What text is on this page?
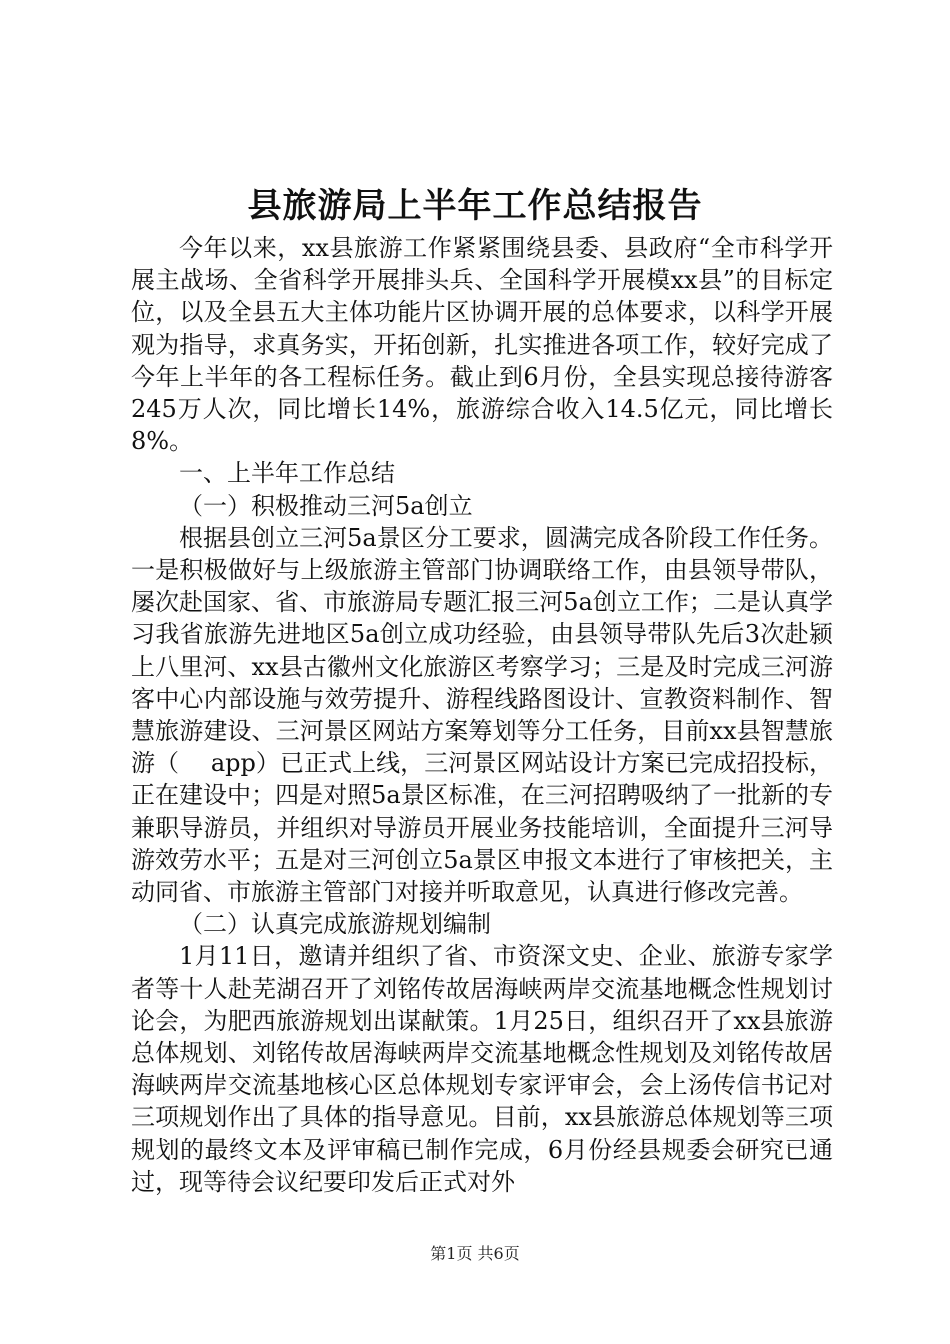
县旅游局上半年工作总结报告

今年以来，xx县旅游工作紧紧围绕县委、县政府“全市科学开展主战场、全省科学开展排头兵、全国科学开展模xx县”的目标定位，以及全县五大主体功能片区协调开展的总体要求，以科学开展观为指导，求真务实，开拓创新，扎实推进各项工作，较好完成了今年上半年的各工程标任务。截止到6月份，全县实现总接待游客245万人次，同比增长14%，旅游综合收入14.5亿元，同比增长8%。

一、上半年工作总结

（一）积极推动三河5a创立

根据县创立三河5a景区分工要求，圆满完成各阶段工作任务。一是积极做好与上级旅游主管部门协调联络工作，由县领导带队，屡次赴国家、省、市旅游局专题汇报三河5a创立工作；二是认真学习我省旅游先进地区5a创立成功经验，由县领导带队先后3次赴颍上八里河、xx县古徽州文化旅游区考察学习；三是及时完成三河游客中心内部设施与效劳提升、游程线路图设计、宣教资料制作、智慧旅游建设、三河景区网站方案筹划等分工任务，目前xx县智慧旅游（　 app）已正式上线，三河景区网站设计方案已完成招投标，正在建设中；四是对照5a景区标准，在三河招聘吸纳了一批新的专兼职导游员，并组织对导游员开展业务技能培训，全面提升三河导游效劳水平；五是对三河创立5a景区申报文本进行了审核把关，主动同省、市旅游主管部门对接并听取意见，认真进行修改完善。

（二）认真完成旅游规划编制

1月11日，邀请并组织了省、市资深文史、企业、旅游专家学者等十人赴芜湖召开了刘铭传故居海峡两岸交流基地概念性规划讨论会，为肥西旅游规划出谋献策。1月25日，组织召开了xx县旅游总体规划、刘铭传故居海峡两岸交流基地概念性规划及刘铭传故居海峡两岸交流基地核心区总体规划专家评审会，会上汤传信书记对三项规划作出了具体的指导意见。目前，xx县旅游总体规划等三项规划的最终文本及评审稿已制作完成，6月份经县规委会研究已通过，现等待会议纪要印发后正式对外

第1页 共6页
